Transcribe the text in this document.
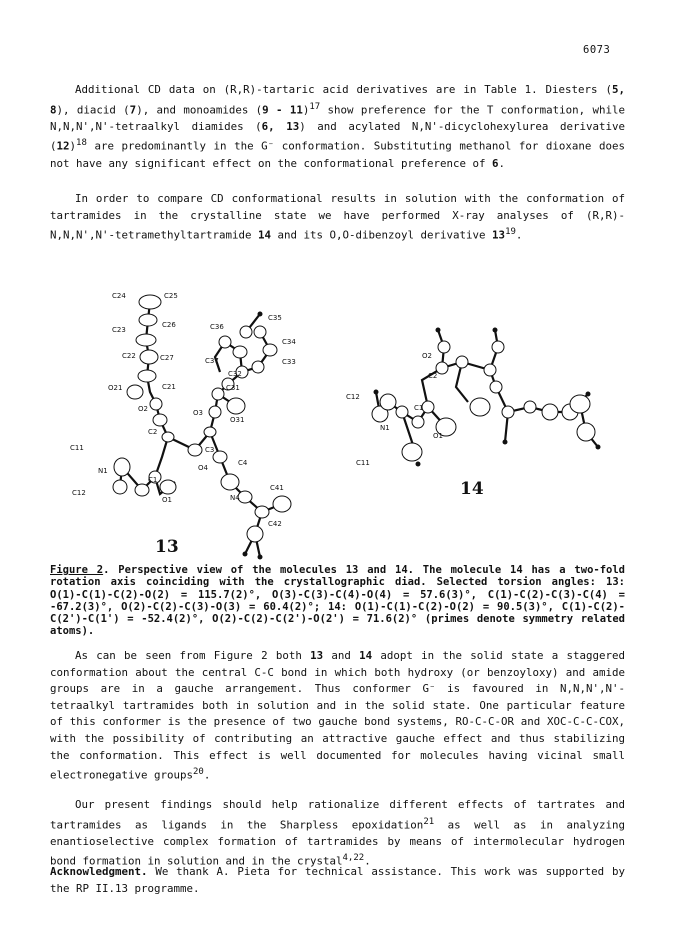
6073

Additional CD data on (R,R)-tartaric acid derivatives are in Table 1. Diesters (5, 8), diacid (7), and monoamides (9 - 11)$^{17}$ show preference for the T conformation, while N,N,N',N'-tetraalkyl diamides (6, 13) and acylated N,N'-dicyclohexylurea derivative $(12)^{18}$ are predominantly in the G⁻ conformation. Substituting methanol for dioxane does not have any significant effect on the conformational preference of 6.

In order to compare CD conformational results in solution with the conformation of tartramides in the crystalline state we have performed X-ray analyses of (R,R)-N,N,N',N'-tetramethyltartramide 14 and its O,O-dibenzoyl derivative $13^{19}$.

C24	C25
C23
C26
C22	C27
O21	C21
O2
C2
C3
O3
C31
O31
C36
C35
C34
C33
C37
C32
C1
N1
C11
C12
O1
O4
C4
N4
C41
C42
13
O2
C2
C12
N1
C1
O1
C11
14

Figure 2. Perspective view of the molecules 13 and 14. The molecule 14 has a two-fold rotation axis coinciding with the crystallographic diad. Selected torsion angles: 13: O(1)-C(1)-C(2)-O(2) = 115.7(2)°, O(3)-C(3)-C(4)-O(4) = 57.6(3)°, C(1)-C(2)-C(3)-C(4) = -67.2(3)°, O(2)-C(2)-C(3)-O(3) = 60.4(2)°; 14: O(1)-C(1)-C(2)-O(2) = 90.5(3)°, C(1)-C(2)-C(2')-C(1') = -52.4(2)°, O(2)-C(2)-C(2')-O(2') = 71.6(2)° (primes denote symmetry related atoms).

As can be seen from Figure 2 both 13 and 14 adopt in the solid state a staggered conformation about the central C-C bond in which both hydroxy (or benzoyloxy) and amide groups are in a gauche arrangement. Thus conformer G⁻ is favoured in N,N,N',N'-tetraalkyl tartramides both in solution and in the solid state. One particular feature of this conformer is the presence of two gauche bond systems, RO-C-C-OR and XOC-C-C-COX, with the possibility of contributing an attractive gauche effect and thus stabilizing the conformation. This effect is well documented for molecules having vicinal small electronegative groups$^{20}$.

Our present findings should help rationalize different effects of tartrates and tartramides as ligands in the Sharpless epoxidation$^{21}$ as well as in analyzing enantioselective complex formation of tartramides by means of intermolecular hydrogen bond formation in solution and in the crystal$^{4,22}$.

Acknowledgment. We thank A. Pieta for technical assistance. This work was supported by the RP II.13 programme.
